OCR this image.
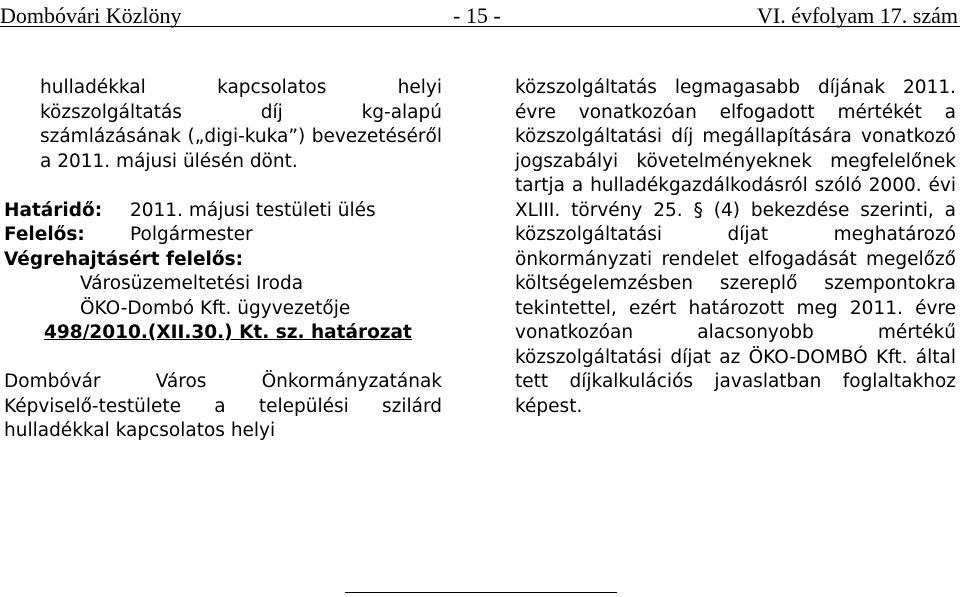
Dombóvári Közlöny	- 15 -	VI. évfolyam 17. szám

hulladékkal kapcsolatos helyi közszolgáltatás díj kg-alapú számlázásának („digi-kuka”) bevezetéséről a 2011. májusi ülésén dönt.

Határidő:	2011. májusi testületi ülés
Felelős:	Polgármester
Végrehajtásért felelős:
Városüzemeltetési Iroda
ÖKO-Dombó Kft. ügyvezetője
498/2010.(XII.30.) Kt. sz. határozat

Dombóvár Város Önkormányzatának Képviselő-testülete a települési szilárd hulladékkal kapcsolatos helyi

közszolgáltatás legmagasabb díjának 2011. évre vonatkozóan elfogadott mértékét a közszolgáltatási díj megállapítására vonatkozó jogszabályi követelményeknek megfelelőnek tartja a hulladékgazdálkodásról szóló 2000. évi XLIII. törvény 25. § (4) bekezdése szerinti, a közszolgáltatási díjat meghatározó önkormányzati rendelet elfogadását megelőző költségelemzésben szereplő szempontokra tekintettel, ezért határozott meg 2011. évre vonatkozóan alacsonyobb mértékű közszolgáltatási díjat az ÖKO-DOMBÓ Kft. által tett díjkalkulációs javaslatban foglaltakhoz képest.
